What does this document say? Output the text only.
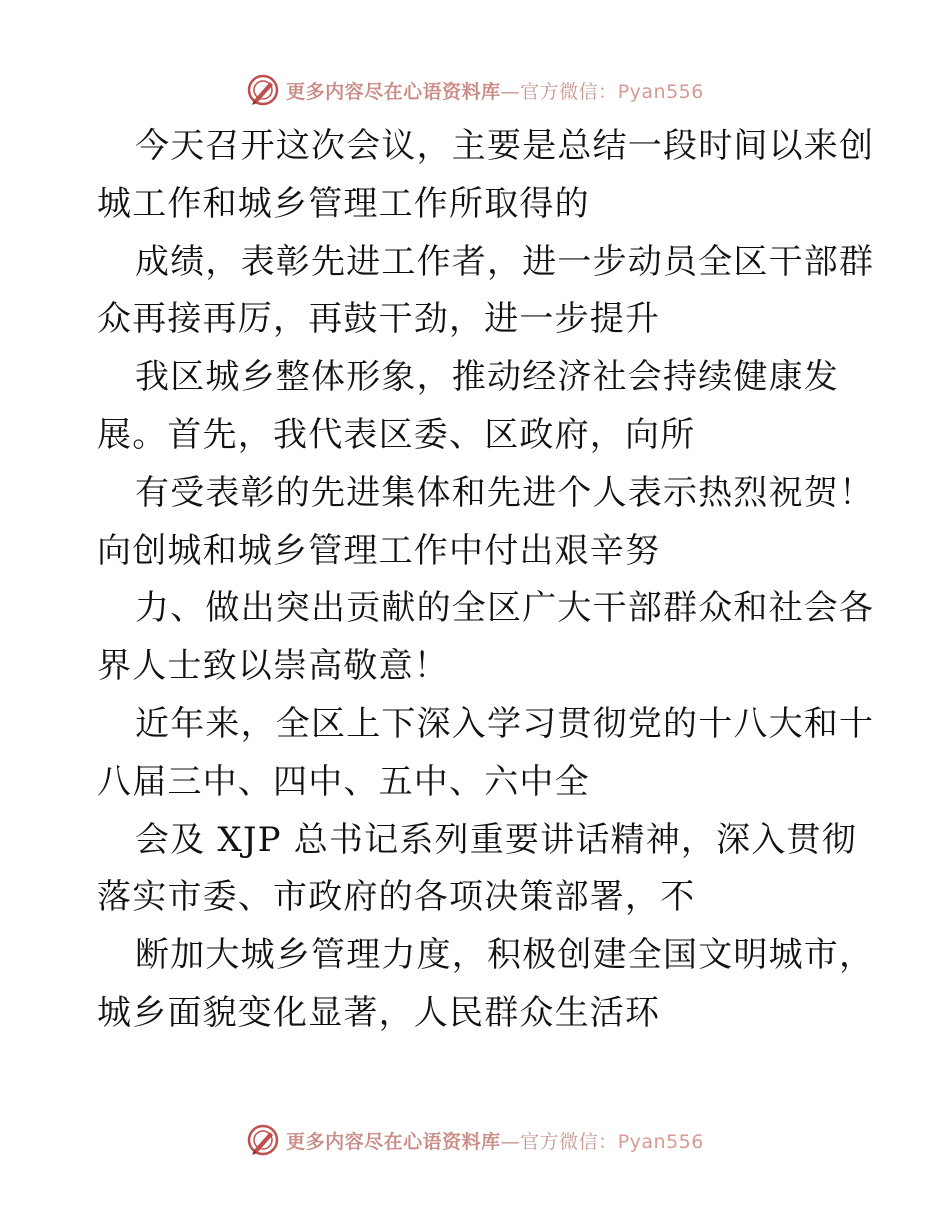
更多内容尽在心语资料库—官方微信：Pyan556
今天召开这次会议，主要是总结一段时间以来创
城工作和城乡管理工作所取得的
成绩，表彰先进工作者，进一步动员全区干部群
众再接再厉，再鼓干劲，进一步提升
我区城乡整体形象，推动经济社会持续健康发
展。首先，我代表区委、区政府，向所
有受表彰的先进集体和先进个人表示热烈祝贺！
向创城和城乡管理工作中付出艰辛努
力、做出突出贡献的全区广大干部群众和社会各
界人士致以崇高敬意！
近年来，全区上下深入学习贯彻党的十八大和十
八届三中、四中、五中、六中全
会及 XJP 总书记系列重要讲话精神，深入贯彻
落实市委、市政府的各项决策部署，不
断加大城乡管理力度，积极创建全国文明城市，
城乡面貌变化显著，人民群众生活环
更多内容尽在心语资料库—官方微信：Pyan556
